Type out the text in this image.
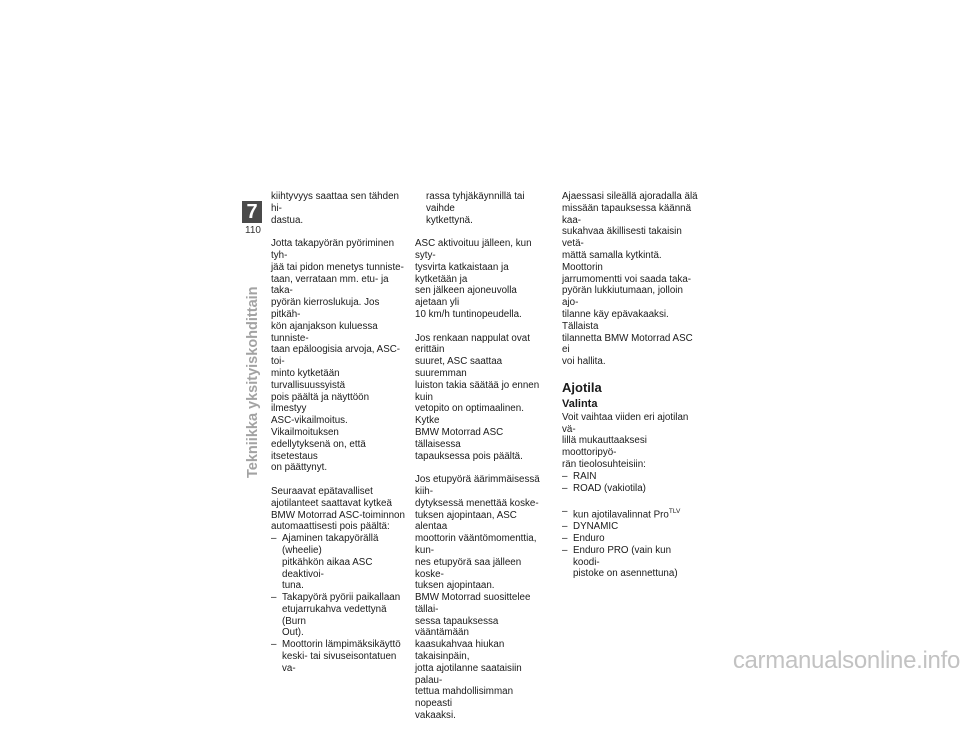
7
110
Tekniikka yksityiskohdittain

kiihtyvyys saattaa sen tähden hi-
dastua.

Jotta takapyörän pyöriminen tyh-
jää tai pidon menetys tunniste-
taan, verrataan mm. etu- ja taka-
pyörän kierroslukuja. Jos pitkäh-
kön ajanjakson kuluessa tunniste-
taan epäloogisia arvoja, ASC-toi-
minto kytketään turvallisuussyistä
pois päältä ja näyttöön ilmestyy
ASC-vikailmoitus. Vikailmoituksen
edellytyksenä on, että itsetestaus
on päättynyt.

Seuraavat epätavalliset
ajotilanteet saattavat kytkeä
BMW Motorrad ASC-toiminnon
automaattisesti pois päältä:

– Ajaminen takapyörällä (wheelie)
pitkähkön aikaa ASC deaktivoi-
tuna.
– Takapyörä pyörii paikallaan
etujarrukahva vedettynä (Burn
Out).
– Moottorin lämpimäksikäyttö
keski- tai sivuseisontatuen va-
rassa tyhjäkäynnillä tai vaihde
kytkettynä.

ASC aktivoituu jälleen, kun syty-
tysvirta katkaistaan ja kytketään ja
sen jälkeen ajoneuvolla ajetaan yli
10 km/h tuntinopeudella.

Jos renkaan nappulat ovat erittäin
suuret, ASC saattaa suuremman
luiston takia säätää jo ennen kuin
vetopito on optimaalinen. Kytke
BMW Motorrad ASC tällaisessa
tapauksessa pois päältä.

Jos etupyörä äärimmäisessä kiih-
dytyksessä menettää koske-
tuksen ajopintaan, ASC alentaa
moottorin vääntömomenttia, kun-
nes etupyörä saa jälleen koske-
tuksen ajopintaan.

BMW Motorrad suosittelee tällai-
sessa tapauksessa vääntämään
kaasukahvaa hiukan takaisinpäin,
jotta ajotilanne saataisiin palau-
tettua mahdollisimman nopeasti
vakaaksi.

Ajaessasi sileällä ajoradalla älä
missään tapauksessa käännä kaa-
sukahvaa äkillisesti takaisin vetä-
mättä samalla kytkintä. Moottorin
jarrumomentti voi saada taka-
pyörän lukkiutumaan, jolloin ajo-
tilanne käy epävakaaksi. Tällaista
tilannetta BMW Motorrad ASC ei
voi hallita.

Ajotila
Valinta

Voit vaihtaa viiden eri ajotilan vä-
lillä mukauttaaksesi moottoripyö-
rän tieolosuhteisiin:

– RAIN
– ROAD (vakiotila)
– kun ajotilavalinnat Pro$^{TLV}$
– DYNAMIC
– Enduro
– Enduro PRO (vain kun koodi-
pistoke on asennettuna)
carmanualsonline.info
